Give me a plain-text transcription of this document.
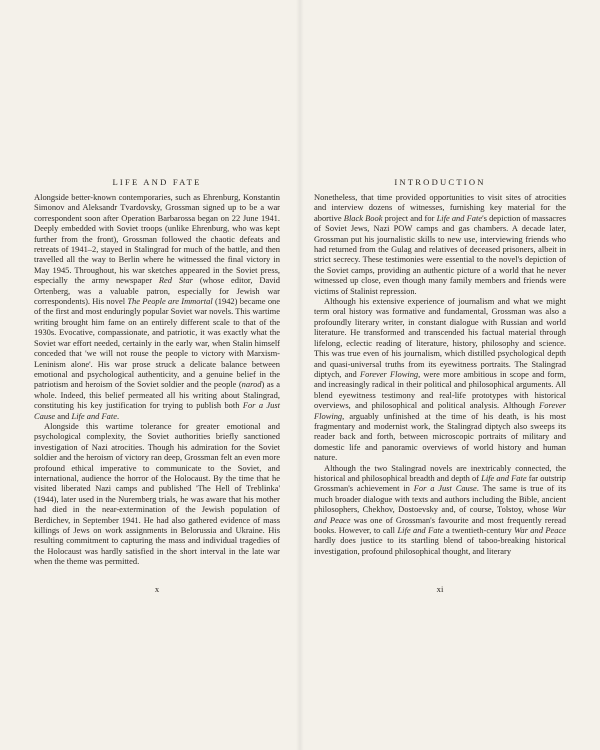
LIFE AND FATE

Alongside better-known contemporaries, such as Ehrenburg, Konstantin Simonov and Aleksandr Tvardovsky, Grossman signed up to be a war correspondent soon after Operation Barbarossa began on 22 June 1941. Deeply embedded with Soviet troops (unlike Ehrenburg, who was kept further from the front), Grossman followed the chaotic defeats and retreats of 1941–2, stayed in Stalingrad for much of the battle, and then travelled all the way to Berlin where he witnessed the final victory in May 1945. Throughout, his war sketches appeared in the Soviet press, especially the army newspaper Red Star (whose editor, David Ortenberg, was a valuable patron, especially for Jewish war correspondents). His novel The People are Immortal (1942) became one of the first and most enduringly popular Soviet war novels. This wartime writing brought him fame on an entirely different scale to that of the 1930s. Evocative, compassionate, and patriotic, it was exactly what the Soviet war effort needed, certainly in the early war, when Stalin himself conceded that 'we will not rouse the people to victory with Marxism-Leninism alone'. His war prose struck a delicate balance between emotional and psychological authenticity, and a genuine belief in the patriotism and heroism of the Soviet soldier and the people (narod) as a whole. Indeed, this belief permeated all his writing about Stalingrad, constituting his key justification for trying to publish both For a Just Cause and Life and Fate.

Alongside this wartime tolerance for greater emotional and psychological complexity, the Soviet authorities briefly sanctioned investigation of Nazi atrocities. Though his admiration for the Soviet soldier and the heroism of victory ran deep, Grossman felt an even more profound ethical imperative to communicate to the Soviet, and international, audience the horror of the Holocaust. By the time that he visited liberated Nazi camps and published 'The Hell of Treblinka' (1944), later used in the Nuremberg trials, he was aware that his mother had died in the near-extermination of the Jewish population of Berdichev, in September 1941. He had also gathered evidence of mass killings of Jews on work assignments in Belorussia and Ukraine. His resulting commitment to capturing the mass and individual tragedies of the Holocaust was hardly satisfied in the short interval in the late war when the theme was permitted.

x
INTRODUCTION

Nonetheless, that time provided opportunities to visit sites of atrocities and interview dozens of witnesses, furnishing key material for the abortive Black Book project and for Life and Fate's depiction of massacres of Soviet Jews, Nazi POW camps and gas chambers. A decade later, Grossman put his journalistic skills to new use, interviewing friends who had returned from the Gulag and relatives of deceased prisoners, albeit in strict secrecy. These testimonies were essential to the novel's depiction of the Soviet camps, providing an authentic picture of a world that he never witnessed up close, even though many family members and friends were victims of Stalinist repression.

Although his extensive experience of journalism and what we might term oral history was formative and fundamental, Grossman was also a profoundly literary writer, in constant dialogue with Russian and world literature. He transformed and transcended his factual material through lifelong, eclectic reading of literature, history, philosophy and science. This was true even of his journalism, which distilled psychological depth and quasi-universal truths from its eyewitness portraits. The Stalingrad diptych, and Forever Flowing, were more ambitious in scope and form, and increasingly radical in their political and philosophical arguments. All blend eyewitness testimony and real-life prototypes with historical overviews, and philosophical and political analysis. Although Forever Flowing, arguably unfinished at the time of his death, is his most fragmentary and modernist work, the Stalingrad diptych also sweeps its reader back and forth, between microscopic portraits of military and domestic life and panoramic overviews of world history and human nature.

Although the two Stalingrad novels are inextricably connected, the historical and philosophical breadth and depth of Life and Fate far outstrip Grossman's achievement in For a Just Cause. The same is true of its much broader dialogue with texts and authors including the Bible, ancient philosophers, Chekhov, Dostoevsky and, of course, Tolstoy, whose War and Peace was one of Grossman's favourite and most frequently reread books. However, to call Life and Fate a twentieth-century War and Peace hardly does justice to its startling blend of taboo-breaking historical investigation, profound philosophical thought, and literary

xi
